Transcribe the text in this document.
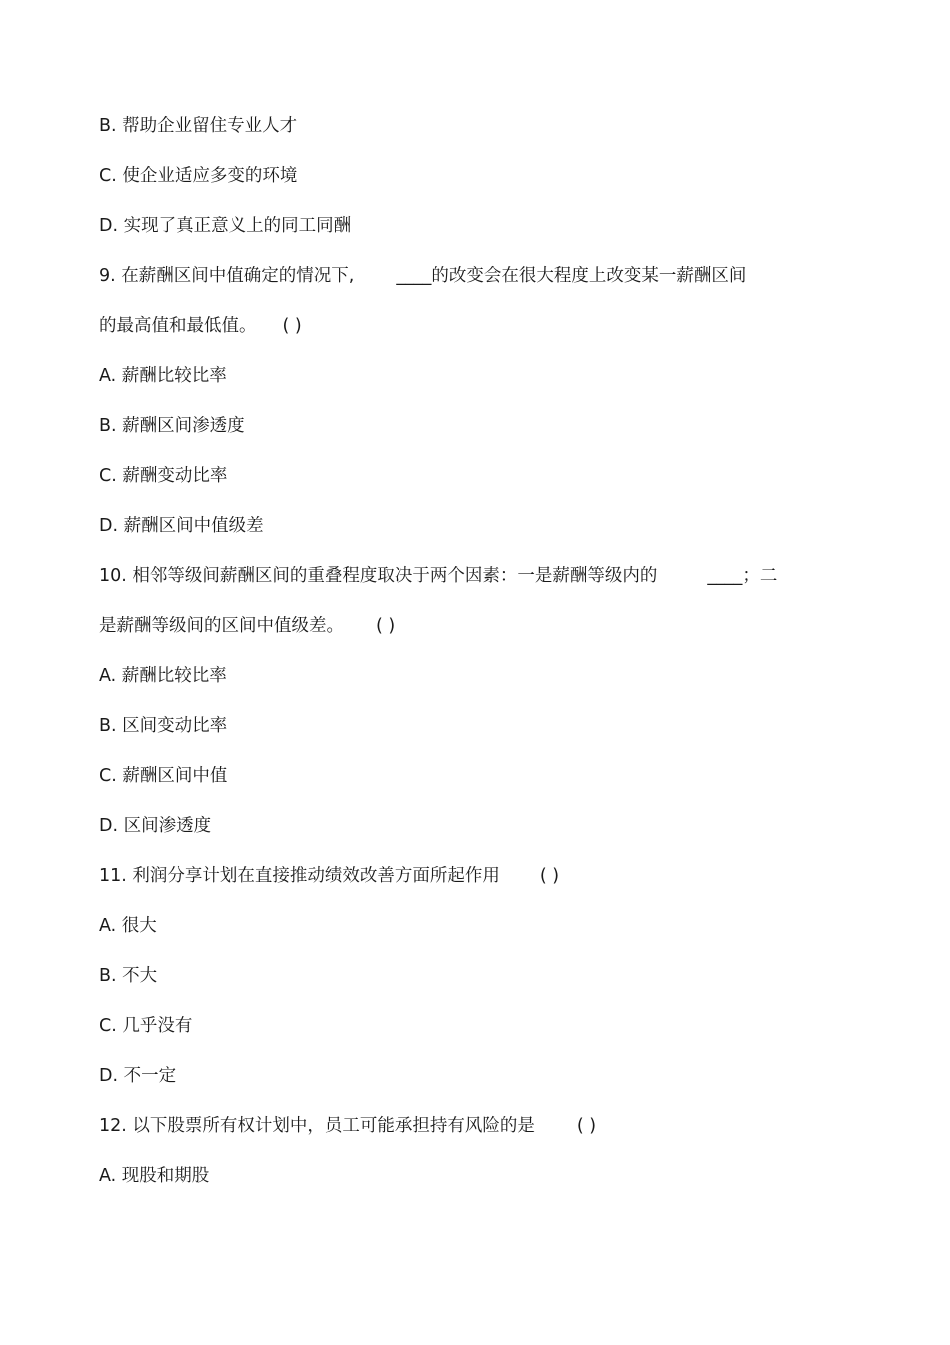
B. 帮助企业留住专业人才
C. 使企业适应多变的环境
D. 实现了真正意义上的同工同酬
9. 在薪酬区间中值确定的情况下, ____的改变会在很大程度上改变某一薪酬区间
的最高值和最低值。 ( )
A. 薪酬比较比率
B. 薪酬区间渗透度
C. 薪酬变动比率
D. 薪酬区间中值级差
10. 相邻等级间薪酬区间的重叠程度取决于两个因素：一是薪酬等级内的	____；二
是薪酬等级间的区间中值级差。 ( )
A. 薪酬比较比率
B. 区间变动比率
C. 薪酬区间中值
D. 区间渗透度
11. 利润分享计划在直接推动绩效改善方面所起作用 ( )
A. 很大
B. 不大
C. 几乎没有
D. 不一定
12. 以下股票所有权计划中，员工可能承担持有风险的是 ( )
A. 现股和期股
